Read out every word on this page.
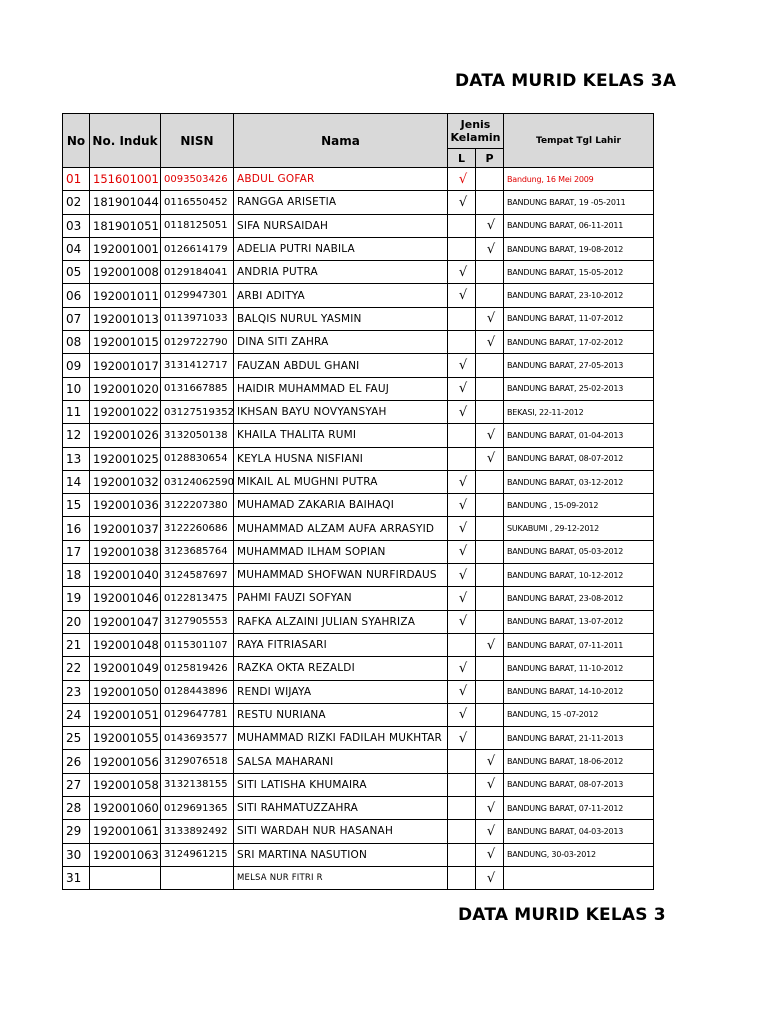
DATA MURID KELAS 3A
No	No. Induk	NISN	Nama	Jenis Kelamin		Tempat Tgl Lahir
				L	P	
01	151601001	0093503426	ABDUL GOFAR	√		Bandung, 16 Mei 2009
02	181901044	0116550452	RANGGA ARISETIA	√		BANDUNG BARAT, 19 -05-2011
03	181901051	0118125051	SIFA NURSAIDAH		√	BANDUNG BARAT, 06-11-2011
04	192001001	0126614179	ADELIA PUTRI NABILA		√	BANDUNG BARAT, 19-08-2012
05	192001008	0129184041	ANDRIA PUTRA	√		BANDUNG BARAT, 15-05-2012
06	192001011	0129947301	ARBI ADITYA	√		BANDUNG BARAT, 23-10-2012
07	192001013	0113971033	BALQIS NURUL YASMIN		√	BANDUNG BARAT, 11-07-2012
08	192001015	0129722790	DINA SITI ZAHRA		√	BANDUNG BARAT, 17-02-2012
09	192001017	3131412717	FAUZAN ABDUL GHANI	√		BANDUNG BARAT, 27-05-2013
10	192001020	0131667885	HAIDIR MUHAMMAD EL FAUJ	√		BANDUNG BARAT, 25-02-2013
11	192001022	03127519352	IKHSAN BAYU NOVYANSYAH	√		BEKASI, 22-11-2012
12	192001026	3132050138	KHAILA THALITA RUMI		√	BANDUNG BARAT, 01-04-2013
13	192001025	0128830654	KEYLA HUSNA NISFIANI		√	BANDUNG BARAT, 08-07-2012
14	192001032	03124062590	MIKAIL AL MUGHNI PUTRA	√		BANDUNG BARAT, 03-12-2012
15	192001036	3122207380	MUHAMAD ZAKARIA BAIHAQI	√		BANDUNG , 15-09-2012
16	192001037	3122260686	MUHAMMAD ALZAM AUFA ARRASYID	√		SUKABUMI , 29-12-2012
17	192001038	3123685764	MUHAMMAD ILHAM SOPIAN	√		BANDUNG BARAT, 05-03-2012
18	192001040	3124587697	MUHAMMAD SHOFWAN NURFIRDAUS	√		BANDUNG BARAT, 10-12-2012
19	192001046	0122813475	PAHMI FAUZI SOFYAN	√		BANDUNG BARAT, 23-08-2012
20	192001047	3127905553	RAFKA ALZAINI JULIAN SYAHRIZA	√		BANDUNG BARAT, 13-07-2012
21	192001048	0115301107	RAYA FITRIASARI		√	BANDUNG BARAT, 07-11-2011
22	192001049	0125819426	RAZKA OKTA REZALDI	√		BANDUNG BARAT, 11-10-2012
23	192001050	0128443896	RENDI WIJAYA	√		BANDUNG BARAT, 14-10-2012
24	192001051	0129647781	RESTU NURIANA	√		BANDUNG, 15 -07-2012
25	192001055	0143693577	MUHAMMAD RIZKI FADILAH MUKHTAR	√		BANDUNG BARAT, 21-11-2013
26	192001056	3129076518	SALSA MAHARANI		√	BANDUNG BARAT, 18-06-2012
27	192001058	3132138155	SITI LATISHA KHUMAIRA		√	BANDUNG BARAT, 08-07-2013
28	192001060	0129691365	SITI RAHMATUZZAHRA		√	BANDUNG BARAT, 07-11-2012
29	192001061	3133892492	SITI WARDAH NUR HASANAH		√	BANDUNG BARAT, 04-03-2013
30	192001063	3124961215	SRI MARTINA NASUTION		√	BANDUNG, 30-03-2012
31			MELSA NUR FITRI R		√	
DATA MURID KELAS 3
